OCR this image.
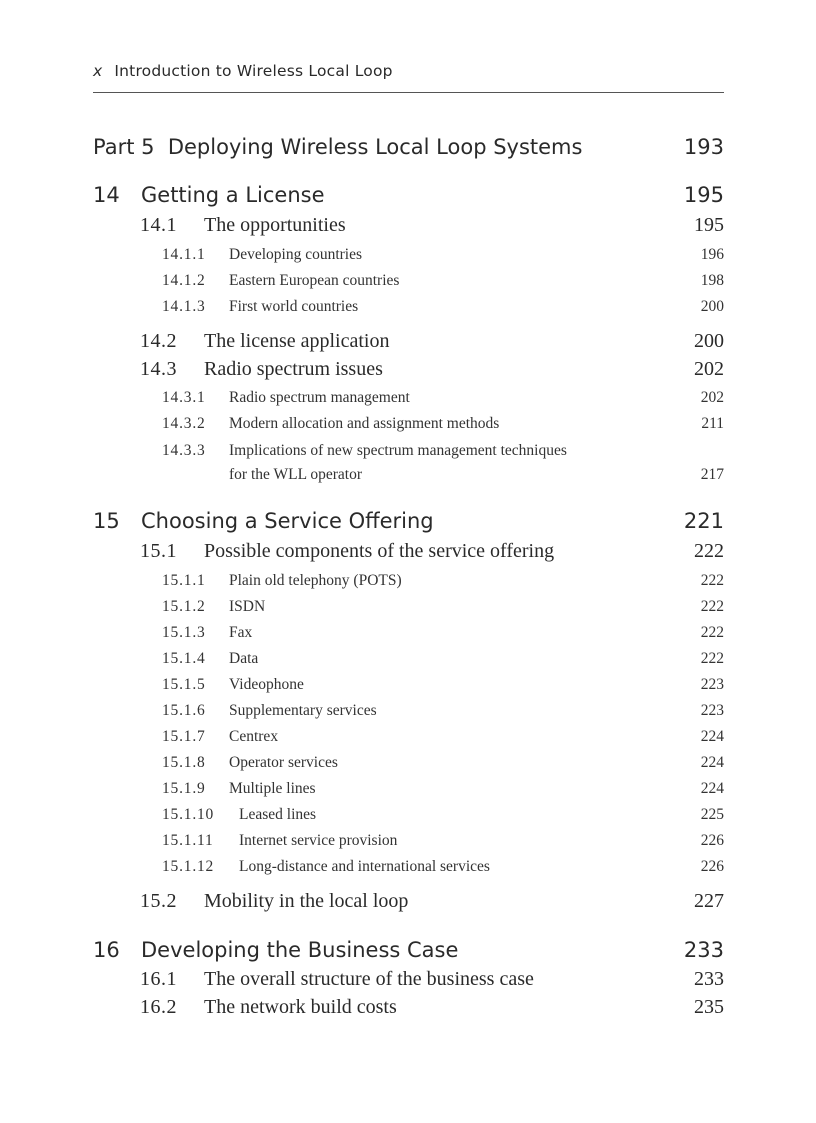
x Introduction to Wireless Local Loop
Part 5  Deploying Wireless Local Loop Systems	193
14 Getting a License	195
14.1 The opportunities	195
14.1.1 Developing countries	196
14.1.2 Eastern European countries	198
14.1.3 First world countries	200
14.2 The license application	200
14.3 Radio spectrum issues	202
14.3.1 Radio spectrum management	202
14.3.2 Modern allocation and assignment methods	211
14.3.3 Implications of new spectrum management techniques
for the WLL operator	217
15 Choosing a Service Offering	221
15.1 Possible components of the service offering	222
15.1.1 Plain old telephony (POTS)	222
15.1.2 ISDN	222
15.1.3 Fax	222
15.1.4 Data	222
15.1.5 Videophone	223
15.1.6 Supplementary services	223
15.1.7 Centrex	224
15.1.8 Operator services	224
15.1.9 Multiple lines	224
15.1.10 Leased lines	225
15.1.11 Internet service provision	226
15.1.12 Long-distance and international services	226
15.2 Mobility in the local loop	227
16 Developing the Business Case	233
16.1 The overall structure of the business case	233
16.2 The network build costs	235
